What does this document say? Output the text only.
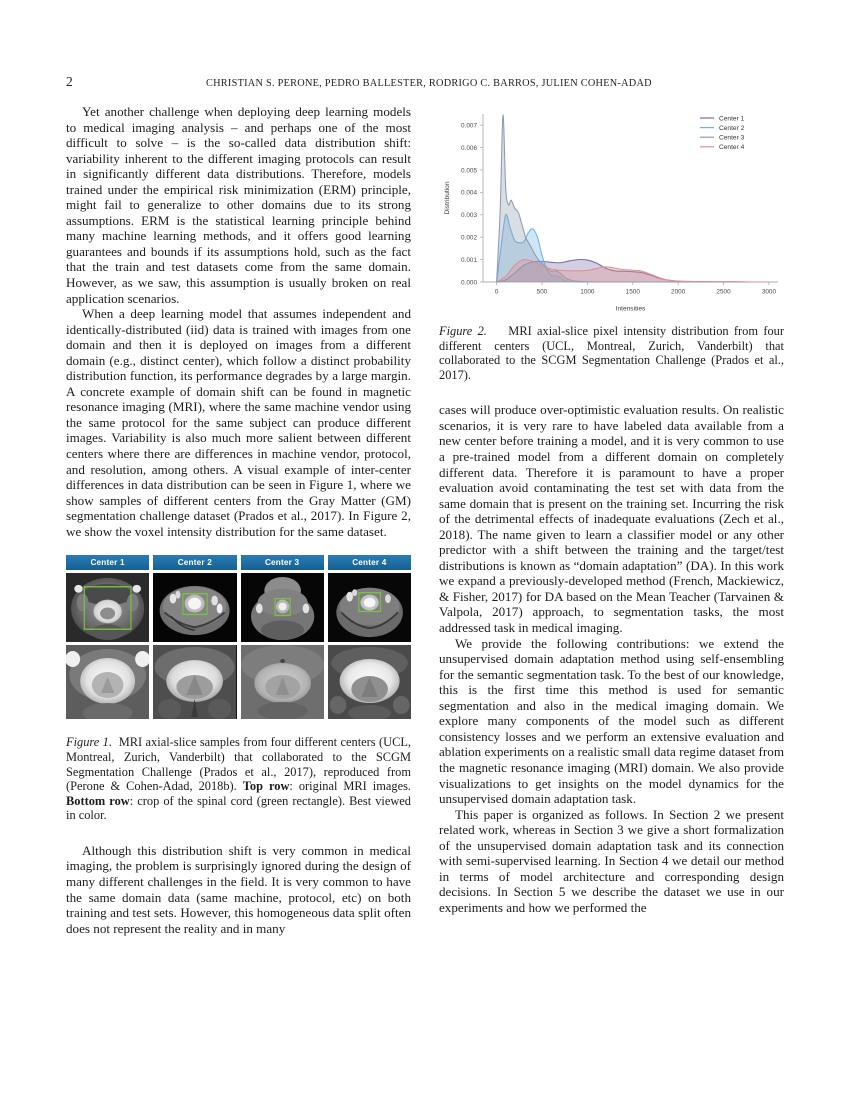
2	CHRISTIAN S. PERONE, PEDRO BALLESTER, RODRIGO C. BARROS, JULIEN COHEN-ADAD

Yet another challenge when deploying deep learning models to medical imaging analysis – and perhaps one of the most difficult to solve – is the so-called data distribution shift: variability inherent to the different imaging protocols can result in significantly different data distributions. Therefore, models trained under the empirical risk minimization (ERM) principle, might fail to generalize to other domains due to its strong assumptions. ERM is the statistical learning principle behind many machine learning methods, and it offers good learning guarantees and bounds if its assumptions hold, such as the fact that the train and test datasets come from the same domain. However, as we saw, this assumption is usually broken on real application scenarios.

When a deep learning model that assumes independent and identically-distributed (iid) data is trained with images from one domain and then it is deployed on images from a different domain (e.g., distinct center), which follow a distinct probability distribution function, its performance degrades by a large margin. A concrete example of domain shift can be found in magnetic resonance imaging (MRI), where the same machine vendor using the same protocol for the same subject can produce different images. Variability is also much more salient between different centers where there are differences in machine vendor, protocol, and resolution, among others. A visual example of inter-center differences in data distribution can be seen in Figure 1, where we show samples of different centers from the Gray Matter (GM) segmentation challenge dataset (Prados et al., 2017). In Figure 2, we show the voxel intensity distribution for the same dataset.

Center 1	Center 2	Center 3	Center 4

Figure 1. MRI axial-slice samples from four different centers (UCL, Montreal, Zurich, Vanderbilt) that collaborated to the SCGM Segmentation Challenge (Prados et al., 2017), reproduced from (Perone & Cohen-Adad, 2018b). Top row: original MRI images. Bottom row: crop of the spinal cord (green rectangle). Best viewed in color.

Although this distribution shift is very common in medical imaging, the problem is surprisingly ignored during the design of many different challenges in the field. It is very common to have the same domain data (same machine, protocol, etc) on both training and test sets. However, this homogeneous data split often does not represent the reality and in many

0.000
0.001
0.002
0.003
0.004
0.005
0.006
0.007
0	500	1000	1500	2000	2500	3000
Intensities
Distribution
Center 1
Center 2
Center 3
Center 4

Figure 2. MRI axial-slice pixel intensity distribution from four different centers (UCL, Montreal, Zurich, Vanderbilt) that collaborated to the SCGM Segmentation Challenge (Prados et al., 2017).

cases will produce over-optimistic evaluation results. On realistic scenarios, it is very rare to have labeled data available from a new center before training a model, and it is very common to use a pre-trained model from a different domain on completely different data. Therefore it is paramount to have a proper evaluation avoid contaminating the test set with data from the same domain that is present on the training set. Incurring the risk of the detrimental effects of inadequate evaluations (Zech et al., 2018). The name given to learn a classifier model or any other predictor with a shift between the training and the target/test distributions is known as “domain adaptation” (DA). In this work we expand a previously-developed method (French, Mackiewicz, & Fisher, 2017) for DA based on the Mean Teacher (Tarvainen & Valpola, 2017) approach, to segmentation tasks, the most addressed task in medical imaging.

We provide the following contributions: we extend the unsupervised domain adaptation method using self-ensembling for the semantic segmentation task. To the best of our knowledge, this is the first time this method is used for semantic segmentation and also in the medical imaging domain. We explore many components of the model such as different consistency losses and we perform an extensive evaluation and ablation experiments on a realistic small data regime dataset from the magnetic resonance imaging (MRI) domain. We also provide visualizations to get insights on the model dynamics for the unsupervised domain adaptation task.

This paper is organized as follows. In Section 2 we present related work, whereas in Section 3 we give a short formalization of the unsupervised domain adaptation task and its connection with semi-supervised learning. In Section 4 we detail our method in terms of model architecture and corresponding design decisions. In Section 5 we describe the dataset we use in our experiments and how we performed the
